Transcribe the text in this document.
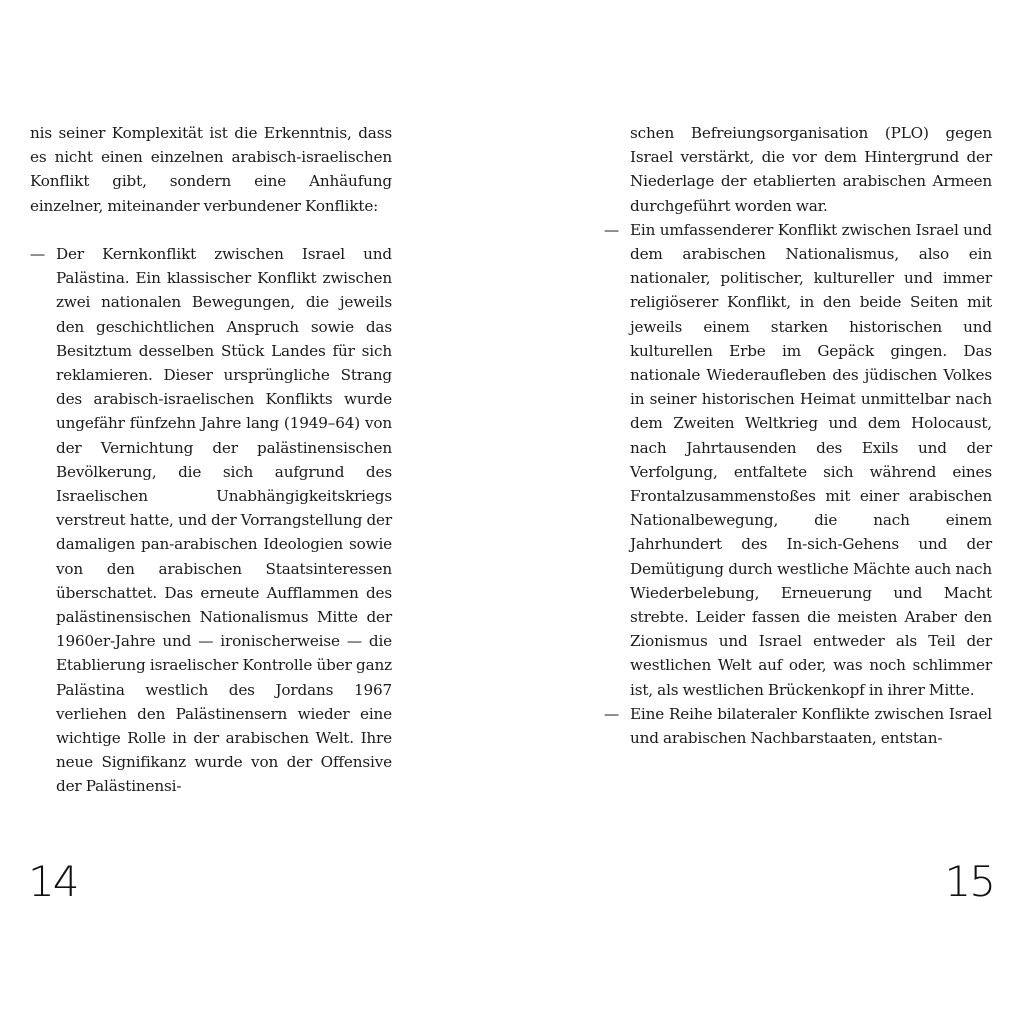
nis seiner Komplexität ist die Erkenntnis, dass es nicht einen einzelnen arabisch-israelischen Konflikt gibt, sondern eine Anhäufung einzelner, miteinander verbundener Konflikte:

— Der Kernkonflikt zwischen Israel und Palästina. Ein klassischer Konflikt zwischen zwei nationalen Bewegungen, die jeweils den geschichtlichen Anspruch sowie das Besitztum desselben Stück Landes für sich reklamieren. Dieser ursprüngliche Strang des arabisch-israelischen Konflikts wurde ungefähr fünfzehn Jahre lang (1949–64) von der Vernichtung der palästinensischen Bevölkerung, die sich aufgrund des Israelischen Unabhängigkeitskriegs verstreut hatte, und der Vorrangstellung der damaligen pan-arabischen Ideologien sowie von den arabischen Staatsinteressen überschattet. Das erneute Aufflammen des palästinensischen Nationalismus Mitte der 1960er-Jahre und — ironischerweise — die Etablierung israelischer Kontrolle über ganz Palästina westlich des Jordans 1967 verliehen den Palästinensern wieder eine wichtige Rolle in der arabischen Welt. Ihre neue Signifikanz wurde von der Offensive der Palästinensi-
14
schen Befreiungsorganisation (PLO) gegen Israel verstärkt, die vor dem Hintergrund der Niederlage der etablierten arabischen Armeen durchgeführt worden war.
— Ein umfassenderer Konflikt zwischen Israel und dem arabischen Nationalismus, also ein nationaler, politischer, kultureller und immer religiöserer Konflikt, in den beide Seiten mit jeweils einem starken historischen und kulturellen Erbe im Gepäck gingen. Das nationale Wiederaufleben des jüdischen Volkes in seiner historischen Heimat unmittelbar nach dem Zweiten Weltkrieg und dem Holocaust, nach Jahrtausenden des Exils und der Verfolgung, entfaltete sich während eines Frontalzusammenstoßes mit einer arabischen Nationalbewegung, die nach einem Jahrhundert des In-sich-Gehens und der Demütigung durch westliche Mächte auch nach Wiederbelebung, Erneuerung und Macht strebte. Leider fassen die meisten Araber den Zionismus und Israel entweder als Teil der westlichen Welt auf oder, was noch schlimmer ist, als westlichen Brückenkopf in ihrer Mitte.
— Eine Reihe bilateraler Konflikte zwischen Israel und arabischen Nachbarstaaten, entstan-
15
